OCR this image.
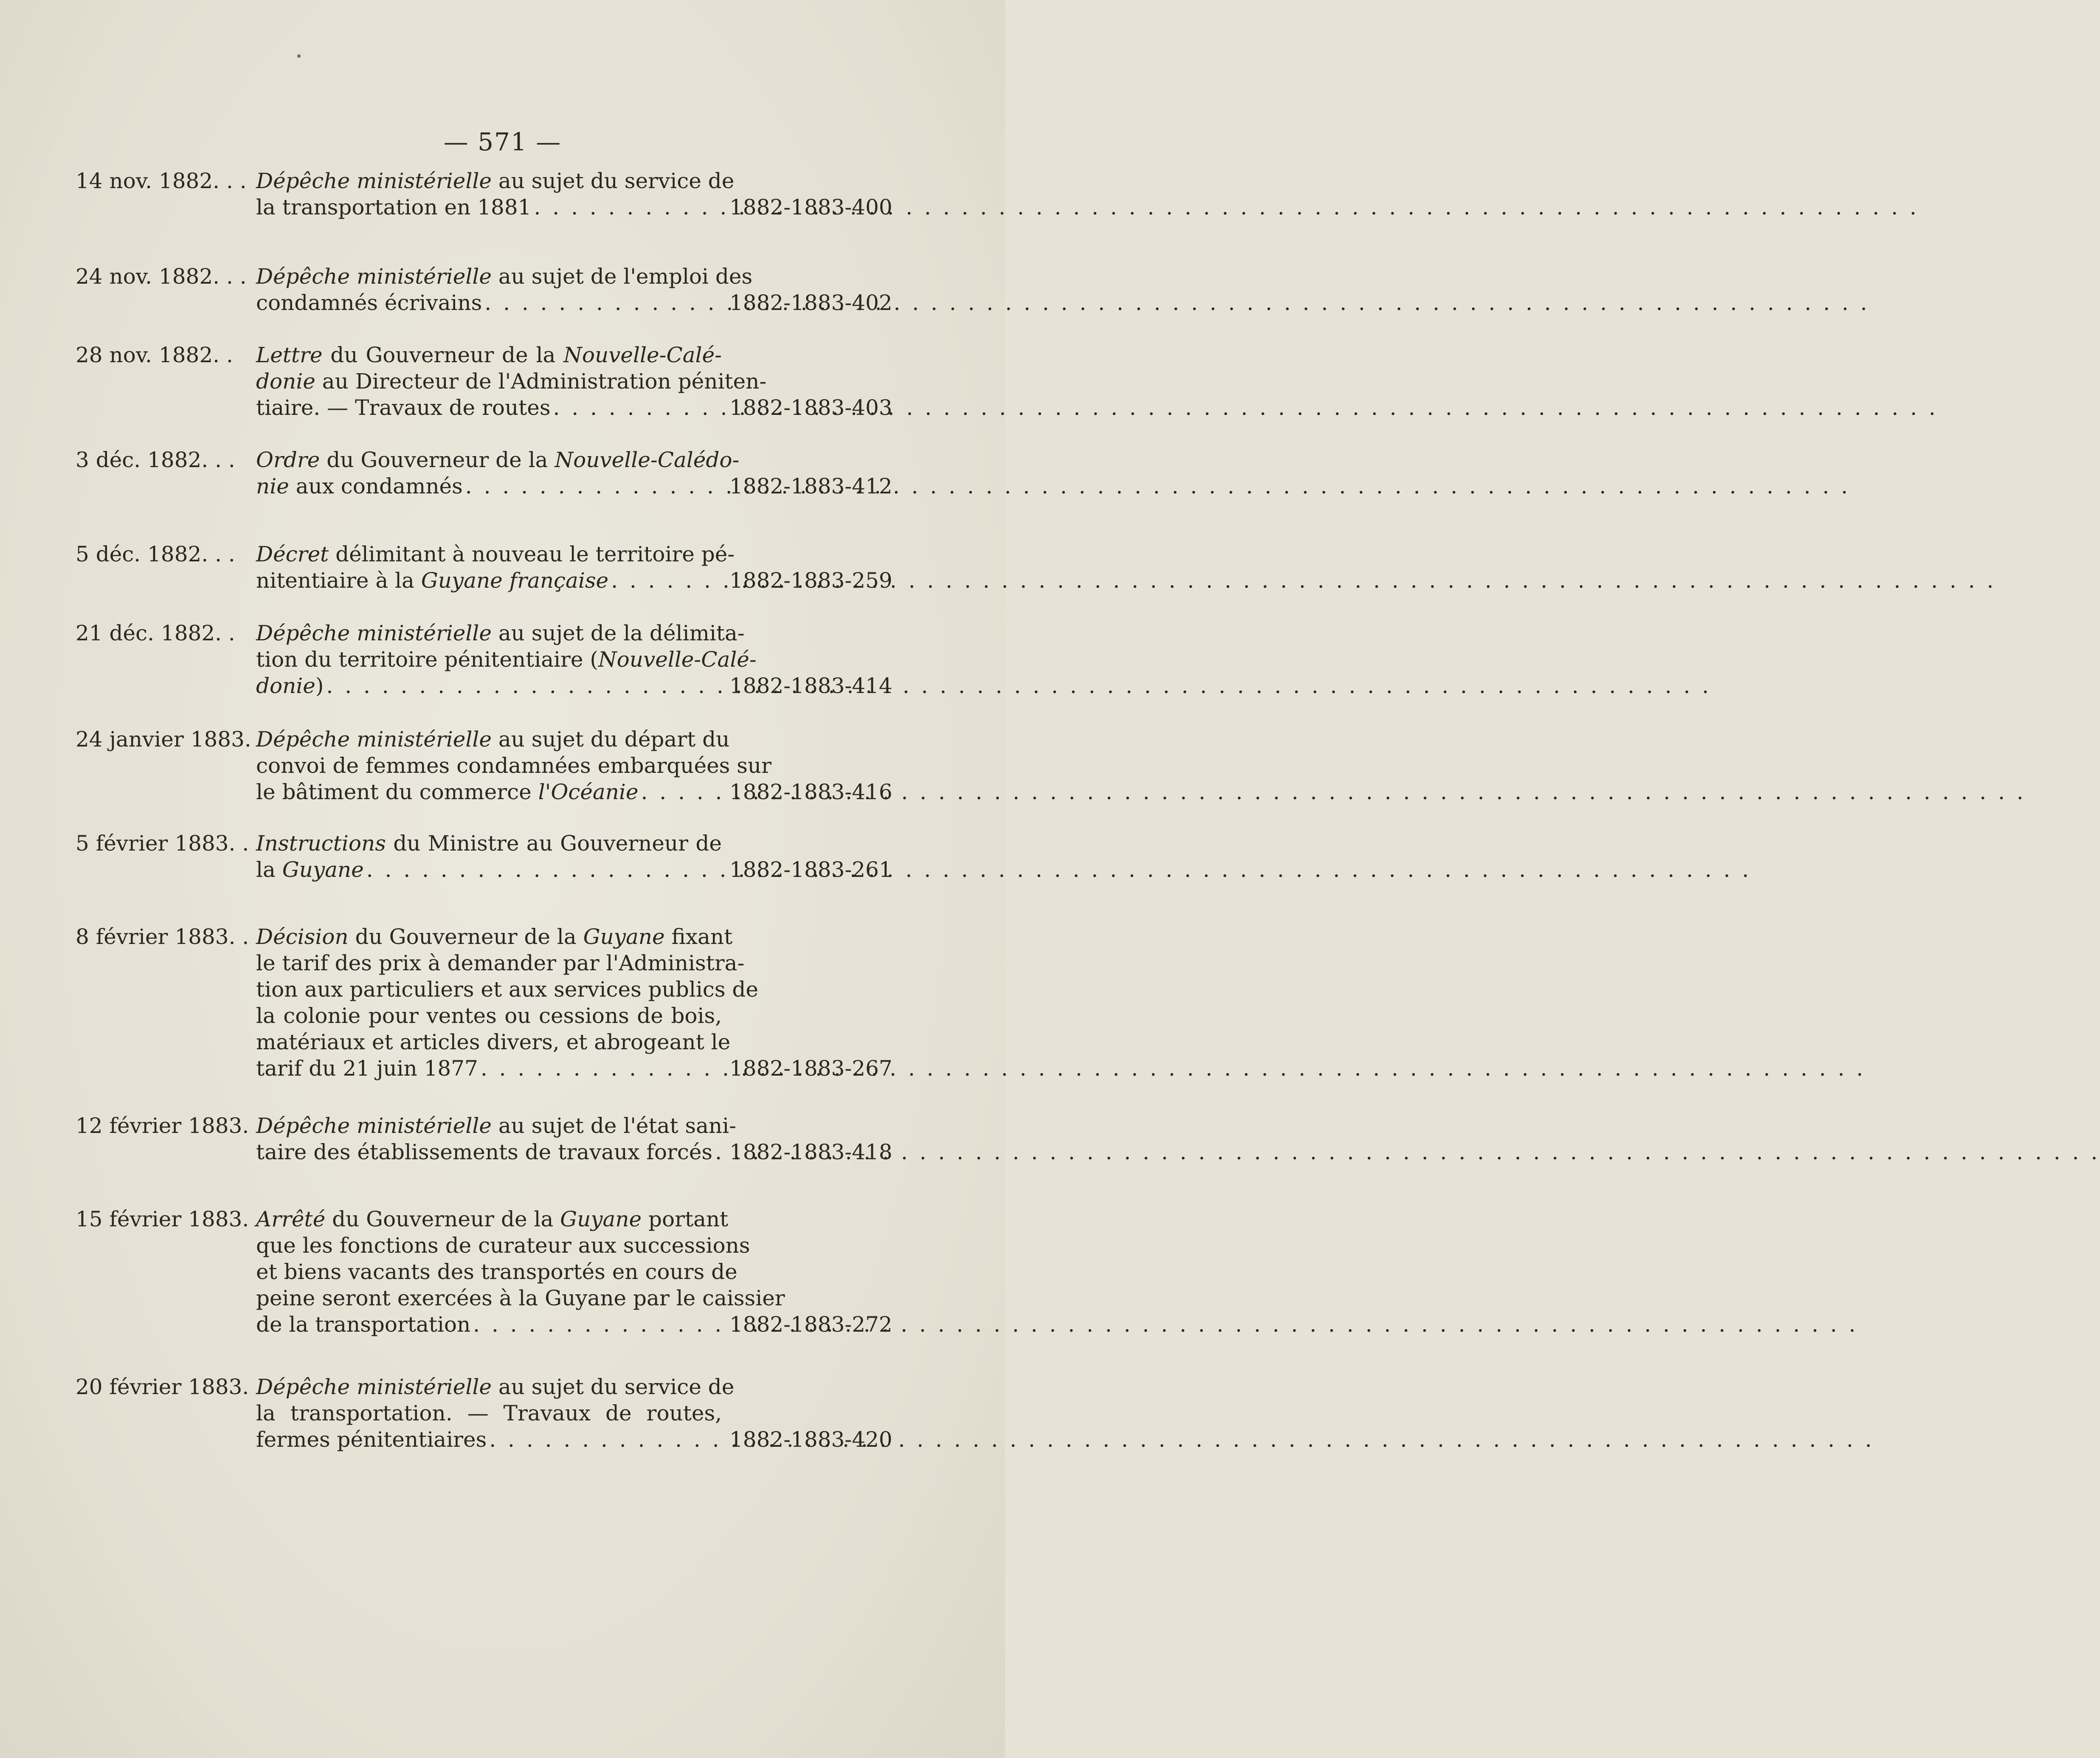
— 571 —
14 nov. 1882. . . Dépêche ministérielle au sujet du service de
la transportation en 1881 . . .	1882-1883-400
24 nov. 1882. . . Dépêche ministérielle au sujet de l'emploi des
condamnés écrivains . . .	1882-1883-402
28 nov. 1882. . Lettre du Gouverneur de la Nouvelle-Calé-
donie au Directeur de l'Administration péniten-
tiaire. — Travaux de routes . . .	1882-1883-403
3 déc. 1882. . . Ordre du Gouverneur de la Nouvelle-Calédo-
nie aux condamnés . . .	1882-1883-412
5 déc. 1882. . . Décret délimitant à nouveau le territoire pé-
nitentiaire à la Guyane française . . .	1882-1883-259
21 déc. 1882. . Dépêche ministérielle au sujet de la délimita-
tion du territoire pénitentiaire (Nouvelle-Calé-
donie) . . .	1882-1883-414
24 janvier 1883. Dépêche ministérielle au sujet du départ du
convoi de femmes condamnées embarquées sur
le bâtiment du commerce l'Océanie . . .	1882-1883-416
5 février 1883. . Instructions du Ministre au Gouverneur de
la Guyane . . .	1882-1883-261
8 février 1883. . Décision du Gouverneur de la Guyane fixant
le tarif des prix à demander par l'Administra-
tion aux particuliers et aux services publics de
la colonie pour ventes ou cessions de bois,
matériaux et articles divers, et abrogeant le
tarif du 21 juin 1877 . . .	1882-1883-267
12 février 1883. Dépêche ministérielle au sujet de l'état sani-
taire des établissements de travaux forcés . . . 1882-1883-418
15 février 1883. Arrêté du Gouverneur de la Guyane portant
que les fonctions de curateur aux successions
et biens vacants des transportés en cours de
peine seront exercées à la Guyane par le caissier
de la transportation . . .	1882-1883-272
20 février 1883. Dépêche ministérielle au sujet du service de
la transportation. — Travaux de routes,
fermes pénitentiaires . . .	1882-1883-420
